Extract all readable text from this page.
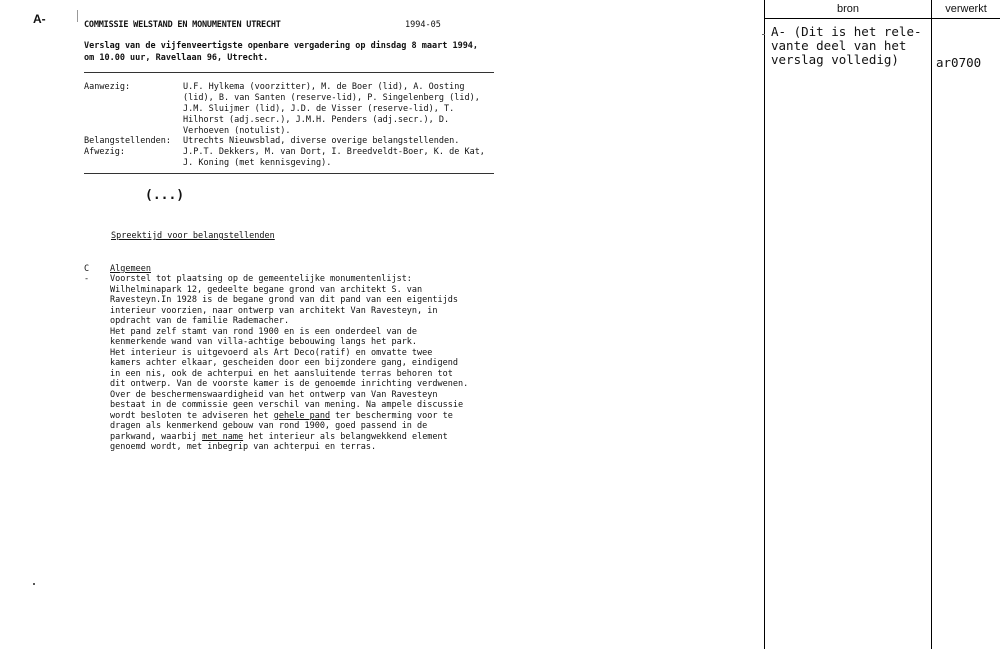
A-	COMMISSIE WELSTAND EN MONUMENTEN UTRECHT	1994-05
Verslag van de vijfenveertigste openbare vergadering op dinsdag 8 maart 1994,
om 10.00 uur, Ravellaan 96, Utrecht.
Aanwezig:	U.F. Hylkema (voorzitter), M. de Boer (lid), A. Oosting
(lid), B. van Santen (reserve-lid), P. Singelenberg (lid),
J.M. Sluijmer (lid), J.D. de Visser (reserve-lid), T.
Hilhorst (adj.secr.), J.M.H. Penders (adj.secr.), D.
Verhoeven (notulist).
Belangstellenden: Utrechts Nieuwsblad, diverse overige belangstellenden.
Afwezig:	J.P.T. Dekkers, M. van Dort, I. Breedveldt-Boer, K. de Kat,
J. Koning (met kennisgeving).
(...)
Spreektijd voor belangstellenden
C
-
Algemeen
Voorstel tot plaatsing op de gemeentelijke monumentenlijst:
Wilhelminapark 12, gedeelte begane grond van architekt S. van
Ravesteyn.In 1928 is de begane grond van dit pand van een eigentijds
interieur voorzien, naar ontwerp van architekt Van Ravesteyn, in
opdracht van de familie Rademacher.
Het pand zelf stamt van rond 1900 en is een onderdeel van de
kenmerkende wand van villa-achtige bebouwing langs het park.
Het interieur is uitgevoerd als Art Deco(ratif) en omvatte twee
kamers achter elkaar, gescheiden door een bijzondere gang, eindigend
in een nis, ook de achterpui en het aansluitende terras behoren tot
dit ontwerp. Van de voorste kamer is de genoemde inrichting verdwenen.
Over de beschermenswaardigheid van het ontwerp van Van Ravesteyn
bestaat in de commissie geen verschil van mening. Na ampele discussie
wordt besloten te adviseren het gehele pand ter bescherming voor te
dragen als kenmerkend gebouw van rond 1900, goed passend in de
parkwand, waarbij met name het interieur als belangwekkend element
genoemd wordt, met inbegrip van achterpui en terras.
bron	verwerkt
A- (Dit is het rele-
vante deel van het
verslag volledig)	ar0700
